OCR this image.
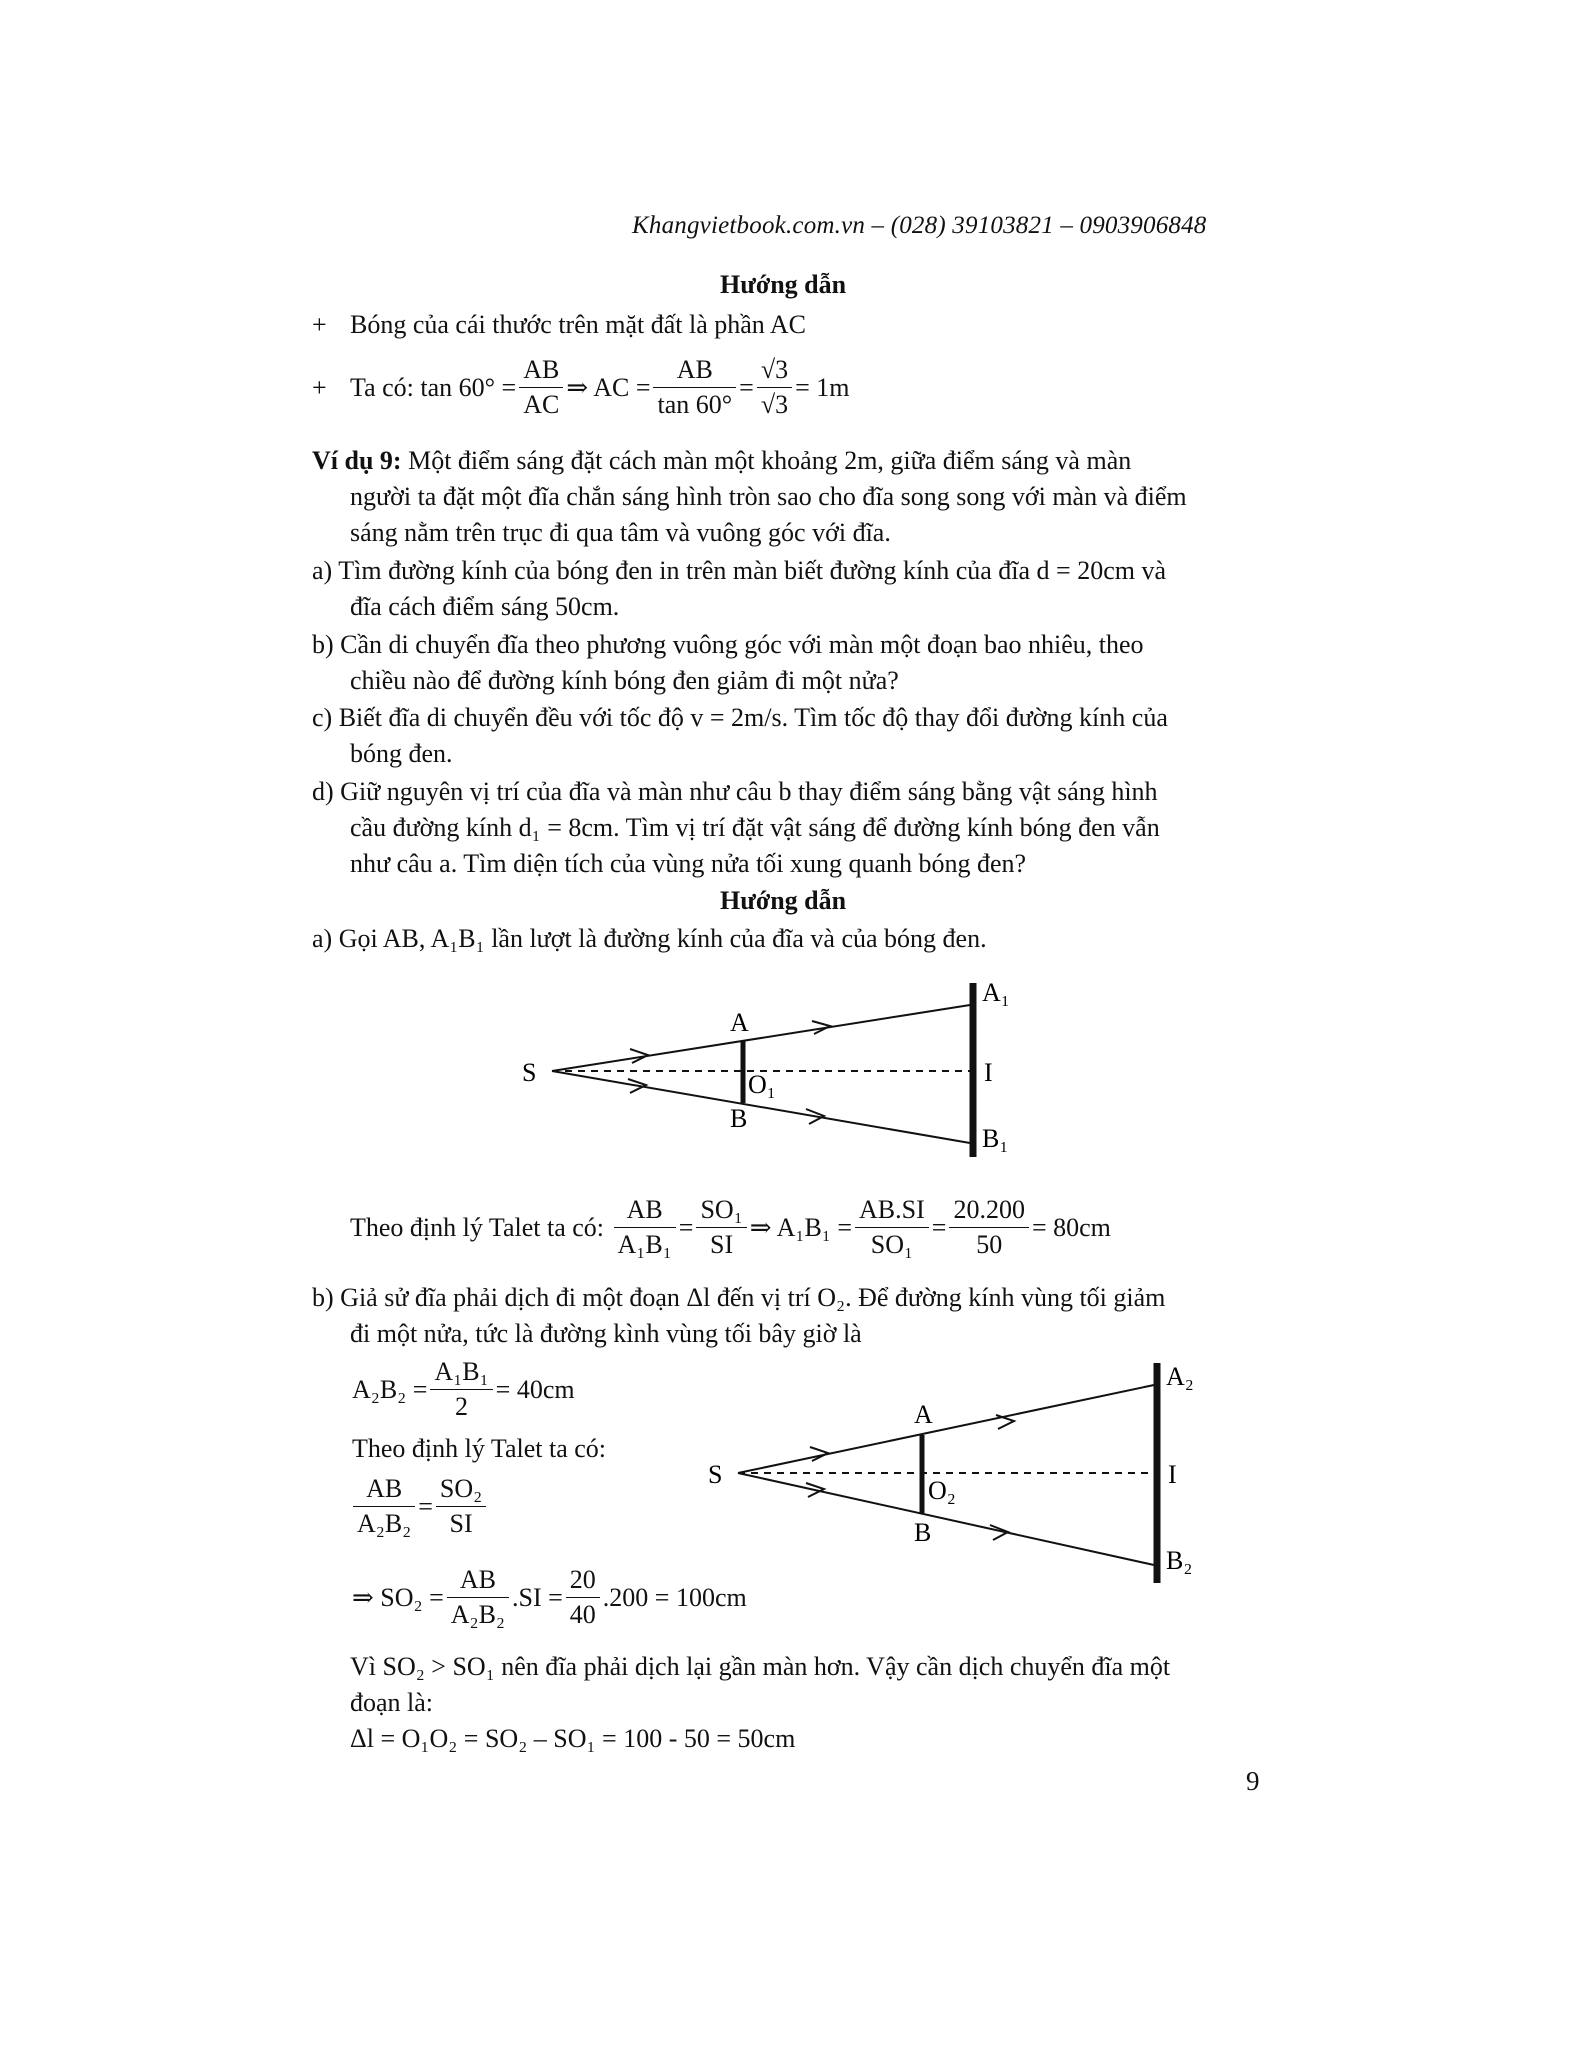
Khangvietbook.com.vn – (028) 39103821 – 0903906848
Hướng dẫn
+ Bóng của cái thước trên mặt đất là phần AC
+ Ta có:
tan 60°
= $\frac{AB}{AC}$ ⇒ AC = $\frac{AB}{\tan 60^\circ} = \frac{√3}{√3} = 1m$
Ví dụ 9: Một điểm sáng đặt cách màn một khoảng 2m, giữa điểm sáng và màn
người ta đặt một đĩa chắn sáng hình tròn sao cho đĩa song song với màn và điểm
sáng nằm trên trục đi qua tâm và vuông góc với đĩa.
a) Tìm đường kính của bóng đen in trên màn biết đường kính của đĩa d = 20cm và
đĩa cách điểm sáng 50cm.
b) Cần di chuyển đĩa theo phương vuông góc với màn một đoạn bao nhiêu, theo
chiều nào để đường kính bóng đen giảm đi một nửa?
c) Biết đĩa di chuyển đều với tốc độ v = 2m/s. Tìm tốc độ thay đổi đường kính của
bóng đen.
d) Giữ nguyên vị trí của đĩa và màn như câu b thay điểm sáng bằng vật sáng hình
cầu đường kính d₁ = 8cm. Tìm vị trí đặt vật sáng để đường kính bóng đen vẫn
như câu a. Tìm diện tích của vùng nửa tối xung quanh bóng đen?
Hướng dẫn
a) Gọi AB, A₁B₁ lần lượt là đường kính của đĩa và của bóng đen.
S
A
B
O₁
A₁
I
B₁
Theo định lý Talet ta có:
$\frac{AB}{\text{A₁B₁}} = \frac{\text{SO₁}}{SI}$ ⇒ $A_1B_1 = \frac{AB.SI}{\text{SO₁}} = \frac{20.200}{50} = 80cm$
b) Giả sử đĩa phải dịch đi một đoạn Δl đến vị trí O₂. Để đường kính vùng tối giảm
đi một nửa, tức là đường kình vùng tối bây giờ là
$A_2B_2 = \frac{\text{A₁B₁}}{2} = 40cm$
Theo định lý Talet ta có:
$\frac{AB}{\text{A₂B₂}} = \frac{\text{SO₂}}{SI}$
⇒ $SO_2 = \frac{AB}{\text{A₂B₂}} .SI = \frac{20}{40} .200 = 100cm$
S
A
B
O₂
A₂
I
B₂
Vì SO₂ > SO₁ nên đĩa phải dịch lại gần màn hơn. Vậy cần dịch chuyển đĩa một
đoạn là:
Δl = O₁O₂ = SO₂ – SO₁ = 100 - 50 = 50cm
9
